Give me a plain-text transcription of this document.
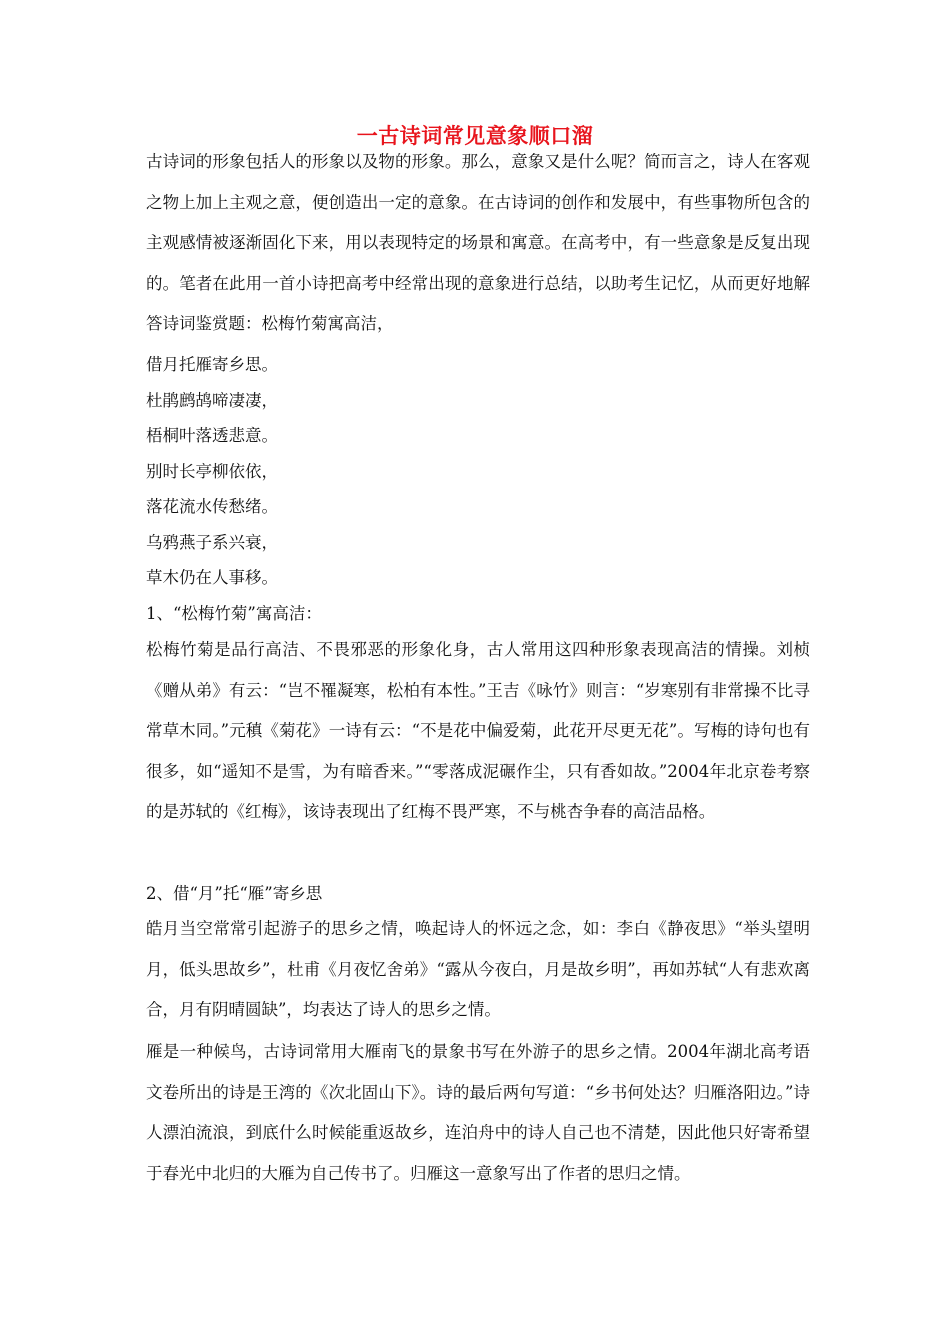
一古诗词常见意象顺口溜

古诗词的形象包括人的形象以及物的形象。那么，意象又是什么呢？简而言之，诗人在客观之物上加上主观之意，便创造出一定的意象。在古诗词的创作和发展中，有些事物所包含的主观感情被逐渐固化下来，用以表现特定的场景和寓意。在高考中，有一些意象是反复出现的。笔者在此用一首小诗把高考中经常出现的意象进行总结，以助考生记忆，从而更好地解答诗词鉴赏题：松梅竹菊寓高洁，

借月托雁寄乡思。

杜鹃鹧鸪啼凄凄，

梧桐叶落透悲意。

别时长亭柳依依，

落花流水传愁绪。

乌鸦燕子系兴衰，

草木仍在人事移。

1、“松梅竹菊”寓高洁：

松梅竹菊是品行高洁、不畏邪恶的形象化身，古人常用这四种形象表现高洁的情操。刘桢《赠从弟》有云：“岂不罹凝寒，松柏有本性。”王吉《咏竹》则言：“岁寒别有非常操不比寻常草木同。”元稹《菊花》一诗有云：“不是花中偏爱菊，此花开尽更无花”。写梅的诗句也有很多，如“遥知不是雪，为有暗香来。”“零落成泥碾作尘，只有香如故。”2004年北京卷考察的是苏轼的《红梅》，该诗表现出了红梅不畏严寒，不与桃杏争春的高洁品格。

2、借“月”托“雁”寄乡思

皓月当空常常引起游子的思乡之情，唤起诗人的怀远之念，如：李白《静夜思》“举头望明月，低头思故乡”，杜甫《月夜忆舍弟》“露从今夜白，月是故乡明”，再如苏轼“人有悲欢离合，月有阴晴圆缺”，均表达了诗人的思乡之情。

雁是一种候鸟，古诗词常用大雁南飞的景象书写在外游子的思乡之情。2004年湖北高考语文卷所出的诗是王湾的《次北固山下》。诗的最后两句写道：“乡书何处达？归雁洛阳边。”诗人漂泊流浪，到底什么时候能重返故乡，连泊舟中的诗人自己也不清楚，因此他只好寄希望于春光中北归的大雁为自己传书了。归雁这一意象写出了作者的思归之情。
